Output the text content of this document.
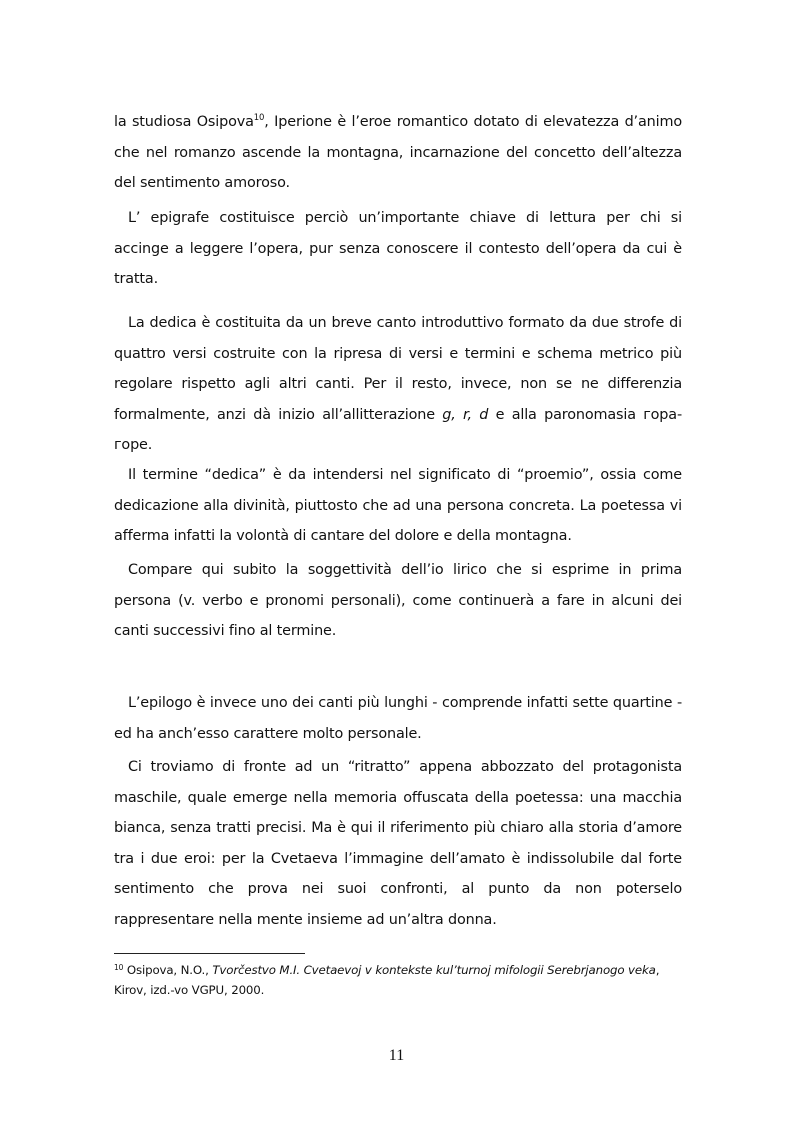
la studiosa Osipova$^{10}$, Iperione è l’eroe romantico dotato di elevatezza d’animo che nel romanzo ascende la montagna, incarnazione del concetto dell’altezza del sentimento amoroso.

L’ epigrafe costituisce perciò un’importante chiave di lettura per chi si accinge a leggere l’opera, pur senza conoscere il contesto dell’opera da cui è tratta.

La dedica è costituita da un breve canto introduttivo formato da due strofe di quattro versi costruite con la ripresa di versi e termini e schema metrico più regolare rispetto agli altri canti. Per il resto, invece, non se ne differenzia formalmente, anzi dà inizio all’allitterazione g, r, d e alla paronomasia гора-горе.

Il termine “dedica” è da intendersi nel significato di “proemio”, ossia come dedicazione alla divinità, piuttosto che ad una persona concreta. La poetessa vi afferma infatti la volontà di cantare del dolore e della montagna.

Compare qui subito la soggettività dell’io lirico che si esprime in prima persona (v. verbo e pronomi personali), come continuerà a fare in alcuni dei canti successivi fino al termine.

L’epilogo è invece uno dei canti più lunghi - comprende infatti sette quartine - ed ha anch’esso carattere molto personale.

Ci troviamo di fronte ad un “ritratto” appena abbozzato del protagonista maschile, quale emerge nella memoria offuscata della poetessa: una macchia bianca, senza tratti precisi. Ma è qui il riferimento più chiaro alla storia d’amore tra i due eroi: per la Cvetaeva l’immagine dell’amato è indissolubile dal forte sentimento che prova nei suoi confronti, al punto da non poterselo rappresentare nella mente insieme ad un’altra donna.

$^{10}$ Osipova, N.O., Tvorčestvo M.I. Cvetaevoj v kontekste kul’turnoj mifologii Serebrjanogo veka, Kirov, izd.-vo VGPU, 2000.

11
